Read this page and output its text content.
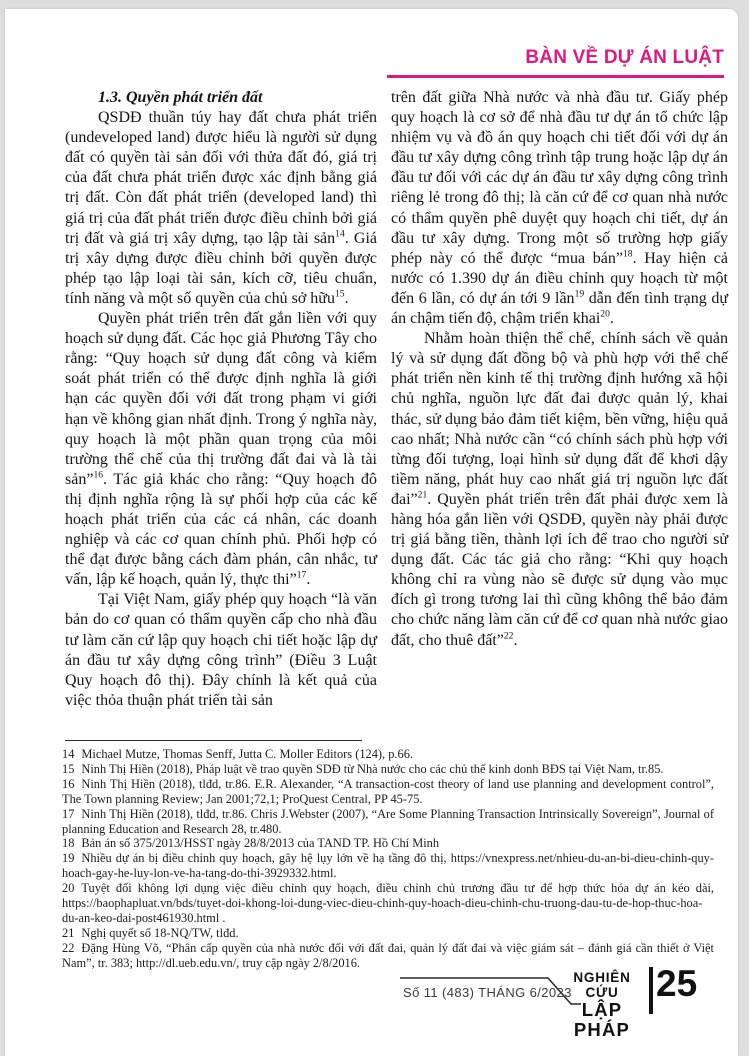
BÀN VỀ DỰ ÁN LUẬT

1.3. Quyền phát triển đất

QSDĐ thuần túy hay đất chưa phát triển (undeveloped land) được hiểu là người sử dụng đất có quyền tài sản đối với thửa đất đó, giá trị của đất chưa phát triển được xác định bằng giá trị đất. Còn đất phát triển (developed land) thì giá trị của đất phát triển được điều chỉnh bởi giá trị đất và giá trị xây dựng, tạo lập tài sản$^{14}$. Giá trị xây dựng được điều chỉnh bởi quyền được phép tạo lập loại tài sản, kích cỡ, tiêu chuẩn, tính năng và một số quyền của chủ sở hữu$^{15}$.

Quyền phát triển trên đất gắn liền với quy hoạch sử dụng đất. Các học giả Phương Tây cho rằng: “Quy hoạch sử dụng đất công và kiểm soát phát triển có thể được định nghĩa là giới hạn các quyền đối với đất trong phạm vi giới hạn về không gian nhất định. Trong ý nghĩa này, quy hoạch là một phần quan trọng của môi trường thể chế của thị trường đất đai và là tài sản”$^{16}$. Tác giả khác cho rằng: “Quy hoạch đô thị định nghĩa rộng là sự phối hợp của các kế hoạch phát triển của các cá nhân, các doanh nghiệp và các cơ quan chính phủ. Phối hợp có thể đạt được bằng cách đàm phán, cân nhắc, tư vấn, lập kế hoạch, quản lý, thực thi”$^{17}$.

Tại Việt Nam, giấy phép quy hoạch “là văn bản do cơ quan có thẩm quyền cấp cho nhà đầu tư làm căn cứ lập quy hoạch chi tiết hoặc lập dự án đầu tư xây dựng công trình” (Điều 3 Luật Quy hoạch đô thị). Đây chính là kết quả của việc thỏa thuận phát triển tài sản

trên đất giữa Nhà nước và nhà đầu tư. Giấy phép quy hoạch là cơ sở để nhà đầu tư dự án tổ chức lập nhiệm vụ và đồ án quy hoạch chi tiết đối với dự án đầu tư xây dựng công trình tập trung hoặc lập dự án đầu tư đối với các dự án đầu tư xây dựng công trình riêng lẻ trong đô thị; là căn cứ để cơ quan nhà nước có thẩm quyền phê duyệt quy hoạch chi tiết, dự án đầu tư xây dựng. Trong một số trường hợp giấy phép này có thể được “mua bán”$^{18}$. Hay hiện cả nước có 1.390 dự án điều chỉnh quy hoạch từ một đến 6 lần, có dự án tới 9 lần$^{19}$ dẫn đến tình trạng dự án chậm tiến độ, chậm triển khai$^{20}$.

Nhằm hoàn thiện thể chế, chính sách về quản lý và sử dụng đất đồng bộ và phù hợp với thể chế phát triển nền kinh tế thị trường định hướng xã hội chủ nghĩa, nguồn lực đất đai được quản lý, khai thác, sử dụng bảo đảm tiết kiệm, bền vững, hiệu quả cao nhất; Nhà nước cần “có chính sách phù hợp với từng đối tượng, loại hình sử dụng đất để khơi dậy tiềm năng, phát huy cao nhất giá trị nguồn lực đất đai”$^{21}$. Quyền phát triển trên đất phải được xem là hàng hóa gắn liền với QSDĐ, quyền này phải được trị giá bằng tiền, thành lợi ích để trao cho người sử dụng đất. Các tác giả cho rằng: “Khi quy hoạch không chỉ ra vùng nào sẽ được sử dụng vào mục đích gì trong tương lai thì cũng không thể bảo đảm cho chức năng làm căn cứ để cơ quan nhà nước giao đất, cho thuê đất”$^{22}$.

14 Michael Mutze, Thomas Senff, Jutta C. Moller Editors (124), p.66.

15 Ninh Thị Hiền (2018), Pháp luật về trao quyền SDĐ từ Nhà nước cho các chủ thể kinh donh BĐS tại Việt Nam, tr.85.

16 Ninh Thị Hiền (2018), tlđd, tr.86. E.R. Alexander, “A transaction-cost theory of land use planning and development control”, The Town planning Review; Jan 2001;72,1; ProQuest Central, PP 45-75.

17 Ninh Thị Hiền (2018), tlđd, tr.86. Chris J.Webster (2007), “Are Some Planning Transaction Intrinsically Sovereign”, Journal of planning Education and Research 28, tr.480.

18 Bản án số 375/2013/HSST ngày 28/8/2013 của TAND TP. Hồ Chí Minh

19 Nhiều dự án bị điều chỉnh quy hoạch, gây hệ lụy lớn về hạ tầng đô thị, https://vnexpress.net/nhieu-du-an-bi-dieu-chinh-quy-hoach-gay-he-luy-lon-ve-ha-tang-do-thi-3929332.html.

20 Tuyệt đối không lợi dụng việc điều chỉnh quy hoạch, điều chỉnh chủ trương đầu tư để hợp thức hóa dự án kéo dài, https://baophapluat.vn/bds/tuyet-doi-khong-loi-dung-viec-dieu-chinh-quy-hoach-dieu-chinh-chu-truong-dau-tu-de-hop-thuc-hoa-du-an-keo-dai-post461930.html .

21 Nghị quyết số 18-NQ/TW, tlđd.

22 Đặng Hùng Võ, “Phân cấp quyền của nhà nước đối với đất đai, quản lý đất đai và việc giám sát – đánh giá cần thiết ở Việt Nam”, tr. 383; http://dl.ueb.edu.vn/, truy cập ngày 2/8/2016.

Số 11 (483) THÁNG 6/2023
NGHIÊN CỨU
LẬP PHÁP
25
